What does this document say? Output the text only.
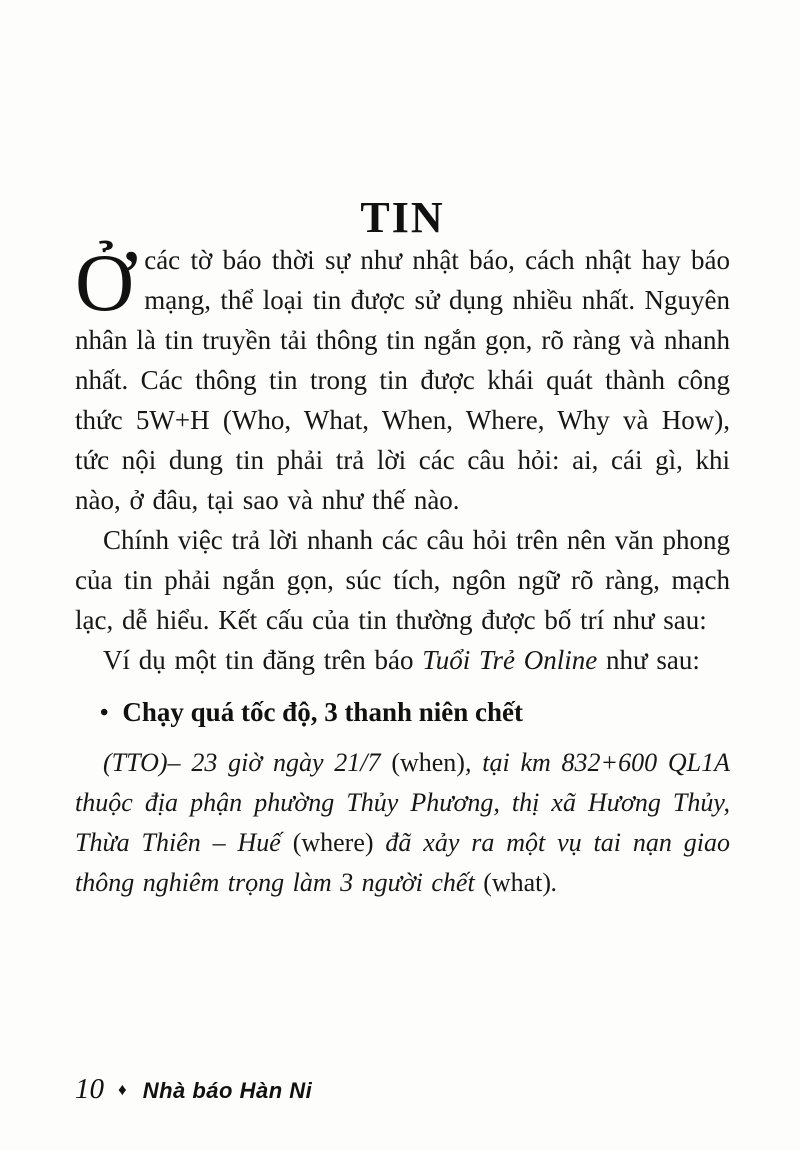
TIN

Ởcác tờ báo thời sự như nhật báo, cách nhật hay báo mạng, thể loại tin được sử dụng nhiều nhất. Nguyên nhân là tin truyền tải thông tin ngắn gọn, rõ ràng và nhanh nhất. Các thông tin trong tin được khái quát thành công thức 5W+H (Who, What, When, Where, Why và How), tức nội dung tin phải trả lời các câu hỏi: ai, cái gì, khi nào, ở đâu, tại sao và như thế nào.

Chính việc trả lời nhanh các câu hỏi trên nên văn phong của tin phải ngắn gọn, súc tích, ngôn ngữ rõ ràng, mạch lạc, dễ hiểu. Kết cấu của tin thường được bố trí như sau:

Ví dụ một tin đăng trên báo Tuổi Trẻ Online như sau:

• Chạy quá tốc độ, 3 thanh niên chết

(TTO)– 23 giờ ngày 21/7 (when), tại km 832+600 QL1A thuộc địa phận phường Thủy Phương, thị xã Hương Thủy, Thừa Thiên – Huế (where) đã xảy ra một vụ tai nạn giao thông nghiêm trọng làm 3 người chết (what).

10 ♦ Nhà báo Hàn Ni
